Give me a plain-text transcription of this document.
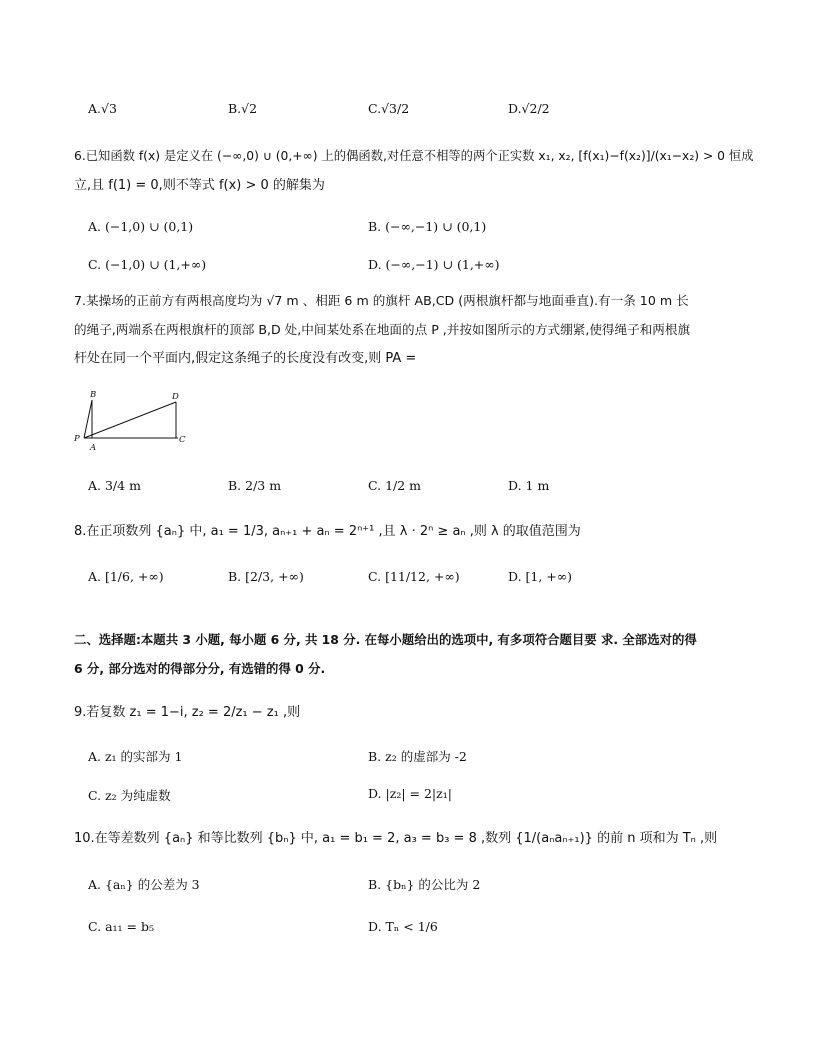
A.√3	B.√2	C.√3/2	D.√2/2
6.已知函数 f(x) 是定义在 (−∞,0) ∪ (0,+∞) 上的偶函数,对任意不相等的两个正实数 x₁, x₂, [f(x₁)−f(x₂)]/(x₁−x₂) > 0 恒成
立,且 f(1) = 0,则不等式 f(x) > 0 的解集为
A. (−1,0) ∪ (0,1)	B. (−∞,−1) ∪ (0,1)
C. (−1,0) ∪ (1,+∞)	D. (−∞,−1) ∪ (1,+∞)
7.某操场的正前方有两根高度均为 √7 m 、相距 6 m 的旗杆 AB,CD (两根旗杆都与地面垂直).有一条 10 m 长
的绳子,两端系在两根旗杆的顶部 B,D 处,中间某处系在地面的点 P ,并按如图所示的方式绷紧,使得绳子和两根旗
杆处在同一个平面内,假定这条绳子的长度没有改变,则 PA =
B	D
P
A
C
A. 3/4 m	B. 2/3 m	C. 1/2 m	D. 1 m
8.在正项数列 {aₙ} 中, a₁ = 1/3, aₙ₊₁ + aₙ = 2ⁿ⁺¹ ,且 λ · 2ⁿ ≥ aₙ ,则 λ 的取值范围为
A. [1/6, +∞)	B. [2/3, +∞)	C. [11/12, +∞)	D. [1, +∞)
二、选择题:本题共 3 小题, 每小题 6 分, 共 18 分. 在每小题给出的选项中, 有多项符合题目要 求. 全部选对的得
6 分, 部分选对的得部分分, 有选错的得 0 分.
9.若复数 z₁ = 1−i, z₂ = 2/z₁ − z₁ ,则
A. z₁ 的实部为 1	B. z₂ 的虚部为 -2
C. z₂ 为纯虚数	D. |z₂| = 2|z₁|
10.在等差数列 {aₙ} 和等比数列 {bₙ} 中, a₁ = b₁ = 2, a₃ = b₃ = 8 ,数列 {1/(aₙaₙ₊₁)} 的前 n 项和为 Tₙ ,则
A. {aₙ} 的公差为 3	B. {bₙ} 的公比为 2
C. a₁₁ = b₅	D. Tₙ < 1/6
